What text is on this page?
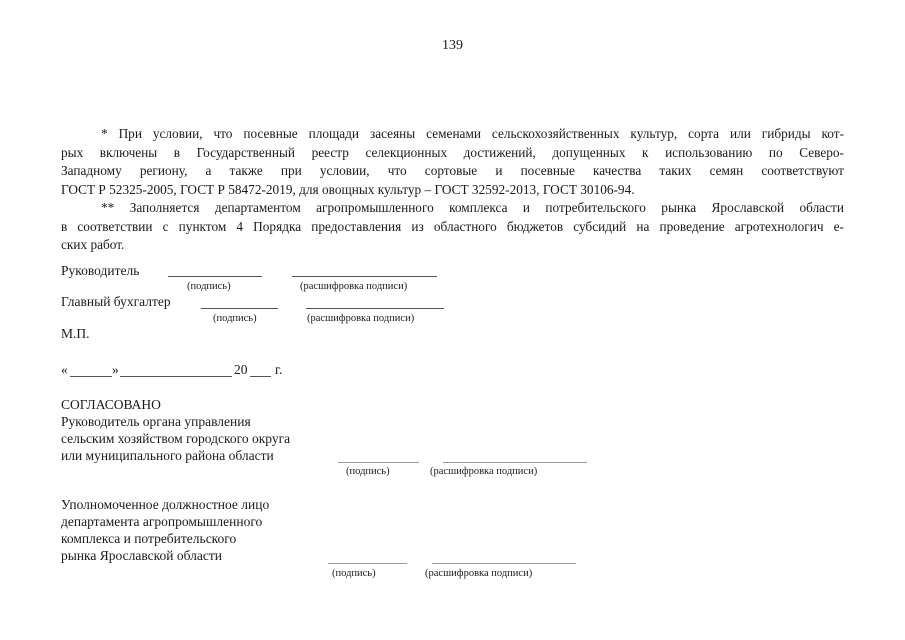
139
* При условии, что посевные площади засеяны семенами сельскохозяйственных культур, сорта или гибриды кот-
рых включены в Государственный реестр селекционных достижений, допущенных к использованию по Северо-
Западному региону, а также при условии, что сортовые и посевные качества таких семян соответствуют
ГОСТ Р 52325-2005, ГОСТ Р 58472-2019, для овощных культур – ГОСТ 32592-2013, ГОСТ 30106-94.
** Заполняется департаментом агропромышленного комплекса и потребительского рынка Ярославской области
в соответствии с пунктом 4 Порядка предоставления из областного бюджетов субсидий на проведение агротехнологич е-
ских работ.
Руководитель
(подпись)	(расшифровка подписи)
Главный бухгалтер
(подпись)	(расшифровка подписи)
М.П.
«	»	20 г.
СОГЛАСОВАНО
Руководитель органа управления
сельским хозяйством городского округа
или муниципального района области
(подпись)	(расшифровка подписи)
Уполномоченное должностное лицо
департамента агропромышленного
комплекса и потребительского
рынка Ярославской области
(подпись)	(расшифровка подписи)
